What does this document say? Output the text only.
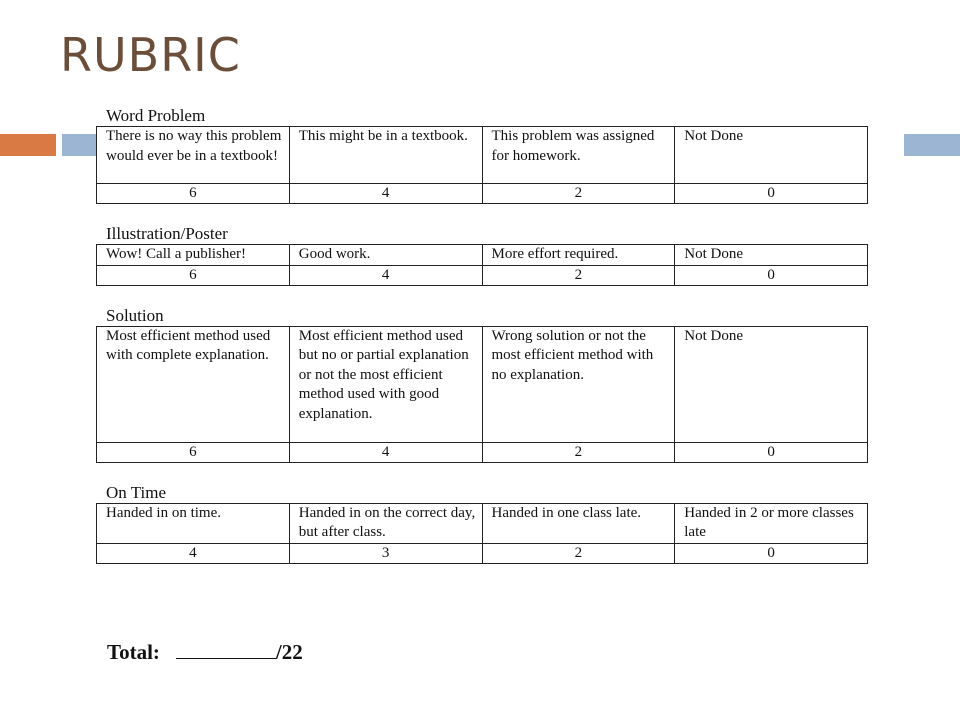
RUBRIC
Word Problem
There is no way this problem would ever be in a textbook!	This might be in a textbook.	This problem was assigned for homework.	Not Done
6	4	2	0
Illustration/Poster
Wow! Call a publisher!	Good work.	More effort required.	Not Done
6	4	2	0
Solution
Most efficient method used with complete explanation.	Most efficient method used but no or partial explanation or not the most efficient method used with good explanation.	Wrong solution or not the most efficient method with no explanation.	Not Done
6	4	2	0
On Time
Handed in on time.	Handed in on the correct day, but after class.	Handed in one class late.	Handed in 2 or more classes late
4	3	2	0
Total:	/22
